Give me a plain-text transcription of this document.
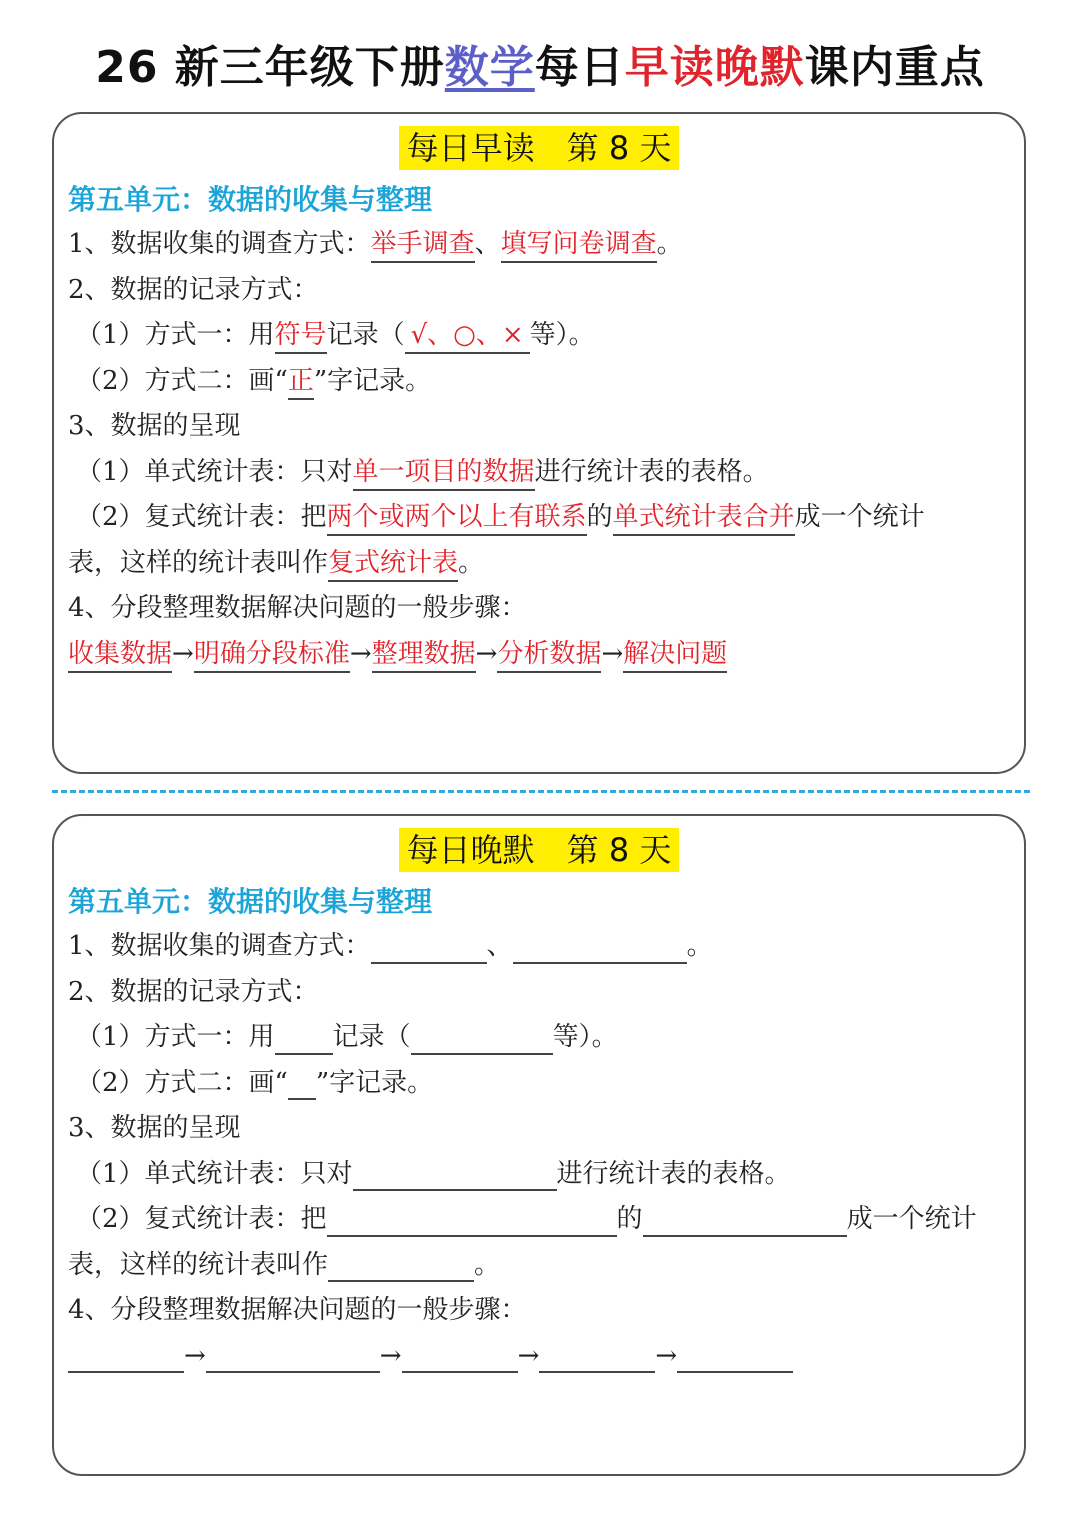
26 新三年级下册数学每日早读晚默课内重点
每日早读　第 8 天
第五单元：数据的收集与整理
1、数据收集的调查方式：举手调查、填写问卷调查。
2、数据的记录方式：
（1）方式一：用符号记录（ √、○、× 等）。
（2）方式二：画“正”字记录。
3、数据的呈现
（1）单式统计表：只对单一项目的数据进行统计表的表格。
（2）复式统计表：把两个或两个以上有联系的单式统计表合并成一个统计
表，这样的统计表叫作复式统计表。
4、分段整理数据解决问题的一般步骤：
收集数据→明确分段标准→整理数据→分析数据→解决问题
每日晚默　第 8 天
第五单元：数据的收集与整理
1、数据收集的调查方式：	、	。
2、数据的记录方式：
（1）方式一：用 记录（	等）。
（2）方式二：画“ ”字记录。
3、数据的呈现
（1）单式统计表：只对	进行统计表的表格。
（2）复式统计表：把	的	成一个统计
表，这样的统计表叫作	。
4、分段整理数据解决问题的一般步骤：
→	→	→	→
